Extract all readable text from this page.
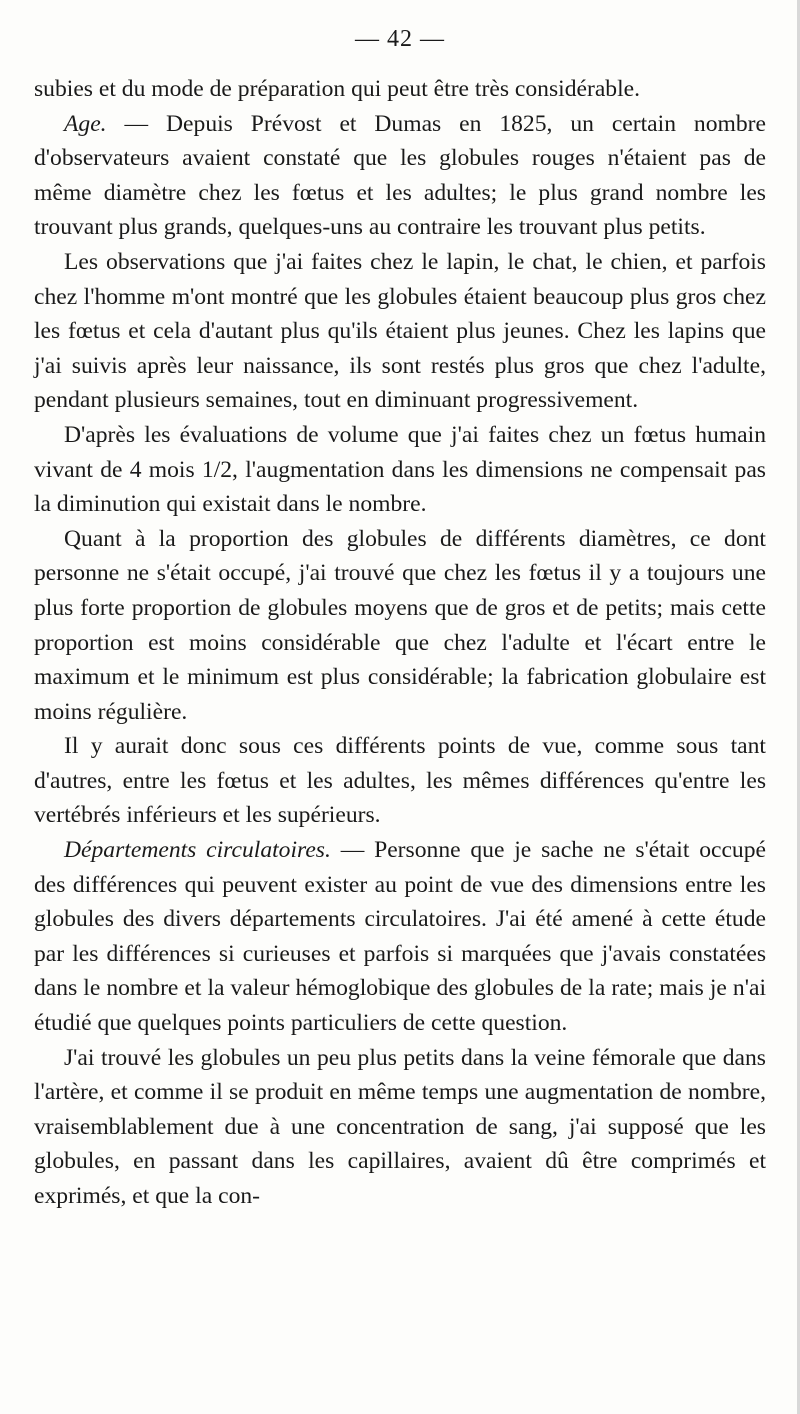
— 42 —

subies et du mode de préparation qui peut être très considérable.

Age. — Depuis Prévost et Dumas en 1825, un certain nombre d'observateurs avaient constaté que les globules rouges n'étaient pas de même diamètre chez les fœtus et les adultes; le plus grand nombre les trouvant plus grands, quelques-uns au contraire les trouvant plus petits.

Les observations que j'ai faites chez le lapin, le chat, le chien, et parfois chez l'homme m'ont montré que les globules étaient beaucoup plus gros chez les fœtus et cela d'autant plus qu'ils étaient plus jeunes. Chez les lapins que j'ai suivis après leur naissance, ils sont restés plus gros que chez l'adulte, pendant plusieurs semaines, tout en diminuant progressivement.

D'après les évaluations de volume que j'ai faites chez un fœtus humain vivant de 4 mois 1/2, l'augmentation dans les dimensions ne compensait pas la diminution qui existait dans le nombre.

Quant à la proportion des globules de différents diamètres, ce dont personne ne s'était occupé, j'ai trouvé que chez les fœtus il y a toujours une plus forte proportion de globules moyens que de gros et de petits; mais cette proportion est moins considérable que chez l'adulte et l'écart entre le maximum et le minimum est plus considérable; la fabrication globulaire est moins régulière.

Il y aurait donc sous ces différents points de vue, comme sous tant d'autres, entre les fœtus et les adultes, les mêmes différences qu'entre les vertébrés inférieurs et les supérieurs.

Départements circulatoires. — Personne que je sache ne s'était occupé des différences qui peuvent exister au point de vue des dimensions entre les globules des divers départements circulatoires. J'ai été amené à cette étude par les différences si curieuses et parfois si marquées que j'avais constatées dans le nombre et la valeur hémoglobique des globules de la rate; mais je n'ai étudié que quelques points particuliers de cette question.

J'ai trouvé les globules un peu plus petits dans la veine fémorale que dans l'artère, et comme il se produit en même temps une augmentation de nombre, vraisemblablement due à une concentration de sang, j'ai supposé que les globules, en passant dans les capillaires, avaient dû être comprimés et exprimés, et que la con-
